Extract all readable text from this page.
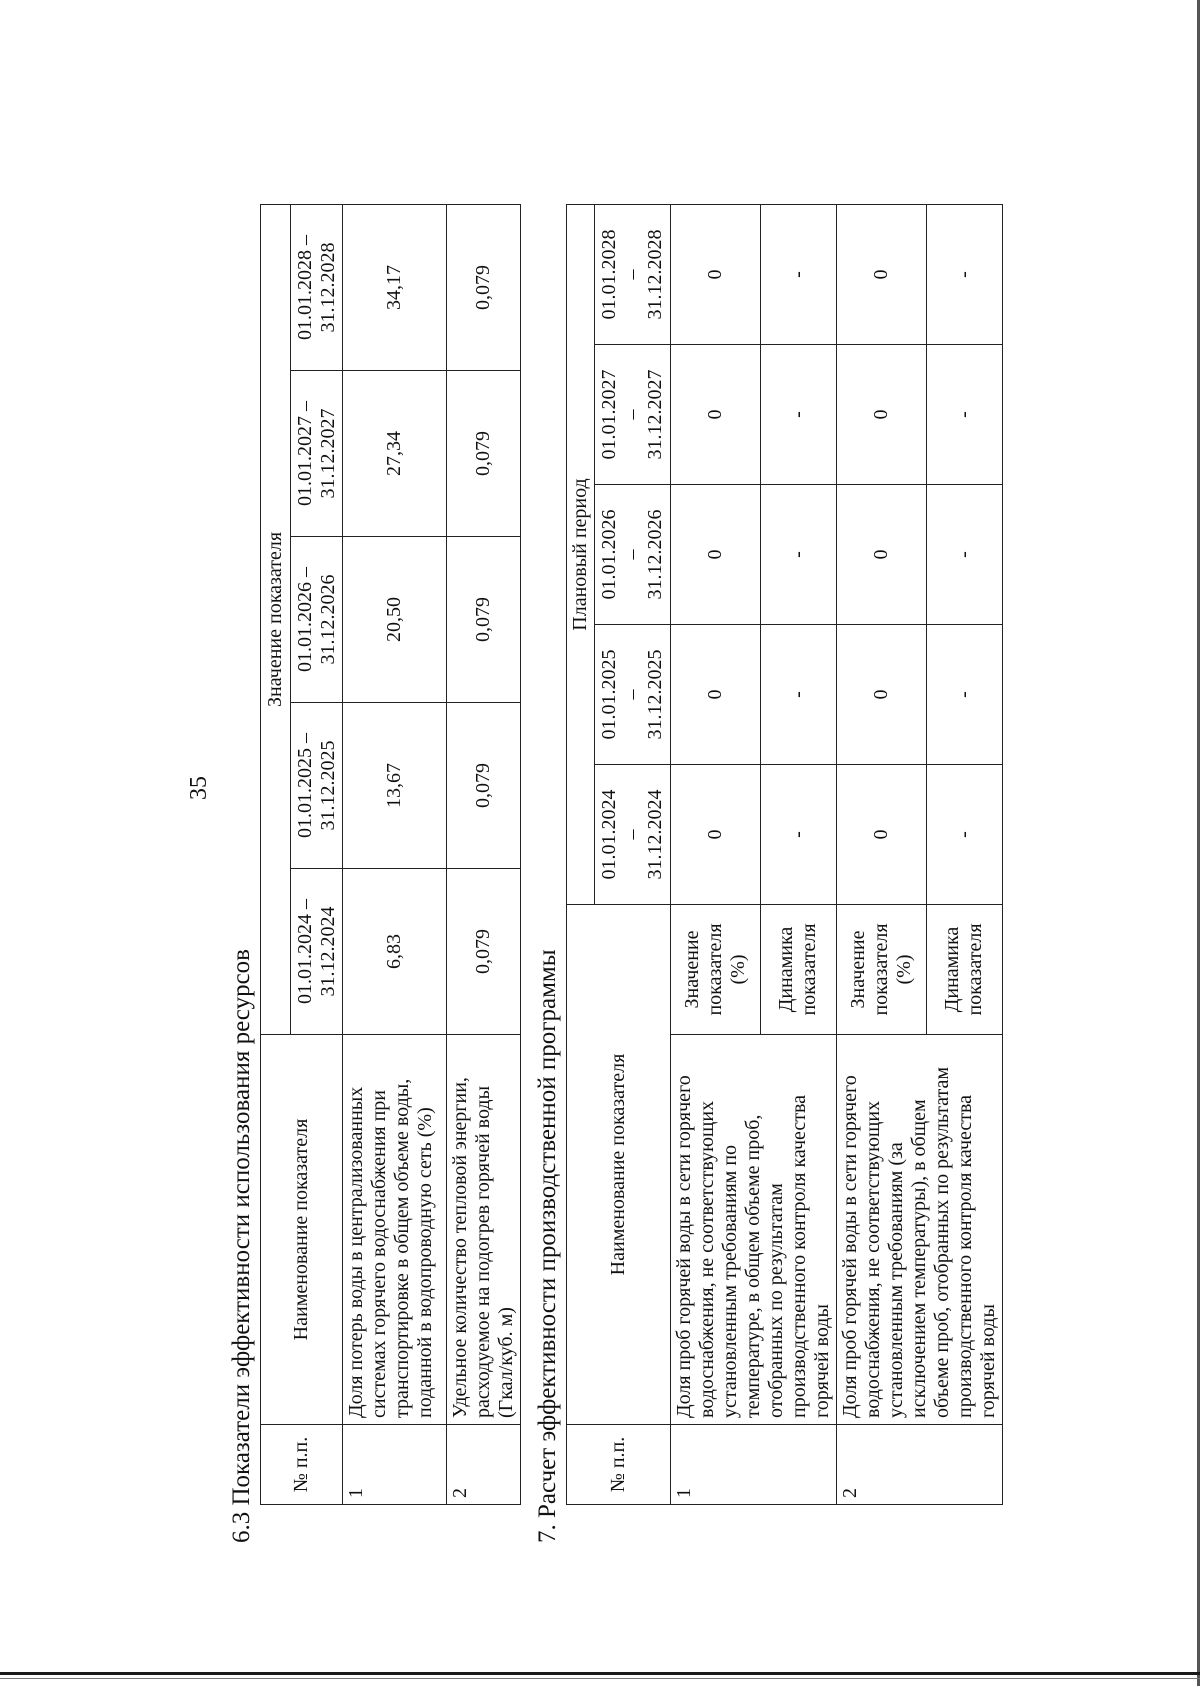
35
6.3 Показатели эффективности использования ресурсов № п.п.	Наименование показателя	Значение показателя				

		01.01.2024 – 31.12.2024	01.01.2025 – 31.12.2025	01.01.2026 – 31.12.2026	01.01.2027 – 31.12.2027	01.01.2028 – 31.12.2028

1	Доля потерь воды в централизованных системах горячего водоснабжения при транспортировке в общем объеме воды, поданной в водопроводную сеть (%)	6,83	13,67	20,50	27,34	34,17
2	Удельное количество тепловой энергии, расходуемое на подогрев горячей воды (Гкал/куб. м)	0,079	0,079	0,079	0,079	0,079
7. Расчет эффективности производственной программы № п.п.	Наименование показателя		Плановый период				

			01.01.2024 – 31.12.2024	01.01.2025 – 31.12.2025	01.01.2026 – 31.12.2026	01.01.2027 – 31.12.2027	01.01.2028 – 31.12.2028

1	Доля проб горячей воды в сети горячего водоснабжения, не соответствующих установленным требованиям по температуре, в общем объеме проб, отобранных по результатам производственного контроля качества горячей воды	Значение показателя (%)	0	0	0	0	0
		Динамика показателя	-	-	-	-	-
2	Доля проб горячей воды в сети горячего водоснабжения, не соответствующих установленным требованиям (за исключением температуры), в общем объеме проб, отобранных по результатам производственного контроля качества горячей воды	Значение показателя (%)	0	0	0	0	0
		Динамика показателя	-	-	-	-	-
